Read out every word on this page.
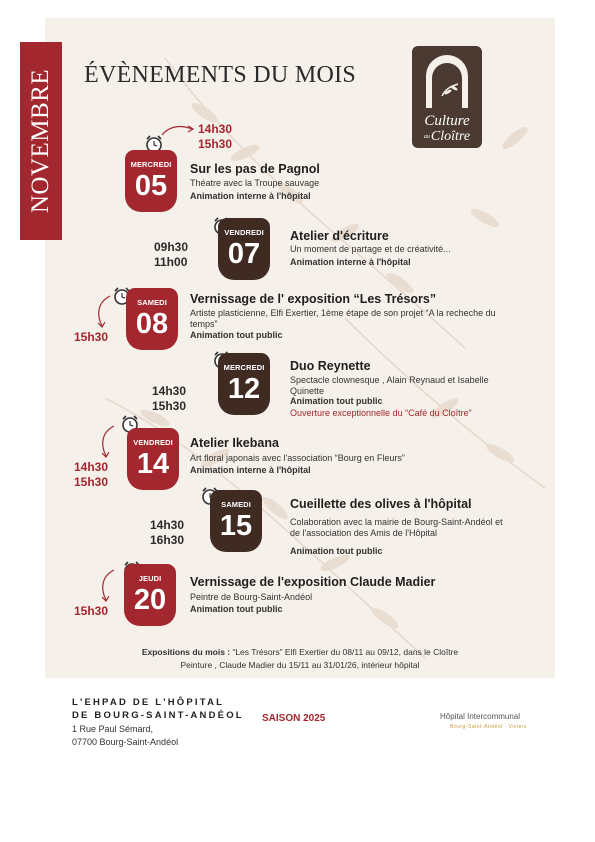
NOVEMBRE ÉVÈNEMENTS DU MOIS
Culture
auCloître
14h30
15h30
MERCREDI
05
Sur les pas de Pagnol
Théatre avec la Troupe sauvage
Animation interne à l'hôpital
09h30
11h00
VENDREDI
07
Atelier d'écriture
Un moment de partage et de créativité...
Animation interne à l'hôpital
15h30
SAMEDI
08
Vernissage de l' exposition “Les Trésors”
Artiste plasticienne, Elfi Exertier, 1ème étape de son projet “A la recheche du temps”
Animation tout public
14h30
15h30
MERCREDI
12
Duo Reynette
Spectacle clownesque , Alain Reynaud et Isabelle Quinette
Animation tout public
Ouverture exceptionnelle du “Café du Cloître”
14h30
15h30
VENDREDI
14
Atelier Ikebana
Art floral japonais avec l'association “Bourg en Fleurs”
Animation interne à l'hôpital
14h30
16h30
SAMEDI
15
Cueillette des olives à l'hôpital
Colaboration avec la mairie de Bourg-Saint-Andéol et de l'association des Amis de l'Hôpital
Animation tout public
15h30
JEUDI
20
Vernissage de l'exposition Claude Madier
Peintre de Bourg-Saint-Andéol
Animation tout public
Expositions du mois : “Les Trésors” Elfi Exertier du 08/11 au 09/12, dans le Cloître
Peinture , Claude Madier du 15/11 au 31/01/26, intérieur hôpital
L'EHPAD DE L'HÔPITAL
DE BOURG-SAINT-ANDÉOL
1 Rue Paul Sémard,
07700 Bourg-Saint-Andéol
SAISON 2025	Hôpital Intercommunal
Bourg-Saint-Andéol · Viviers
